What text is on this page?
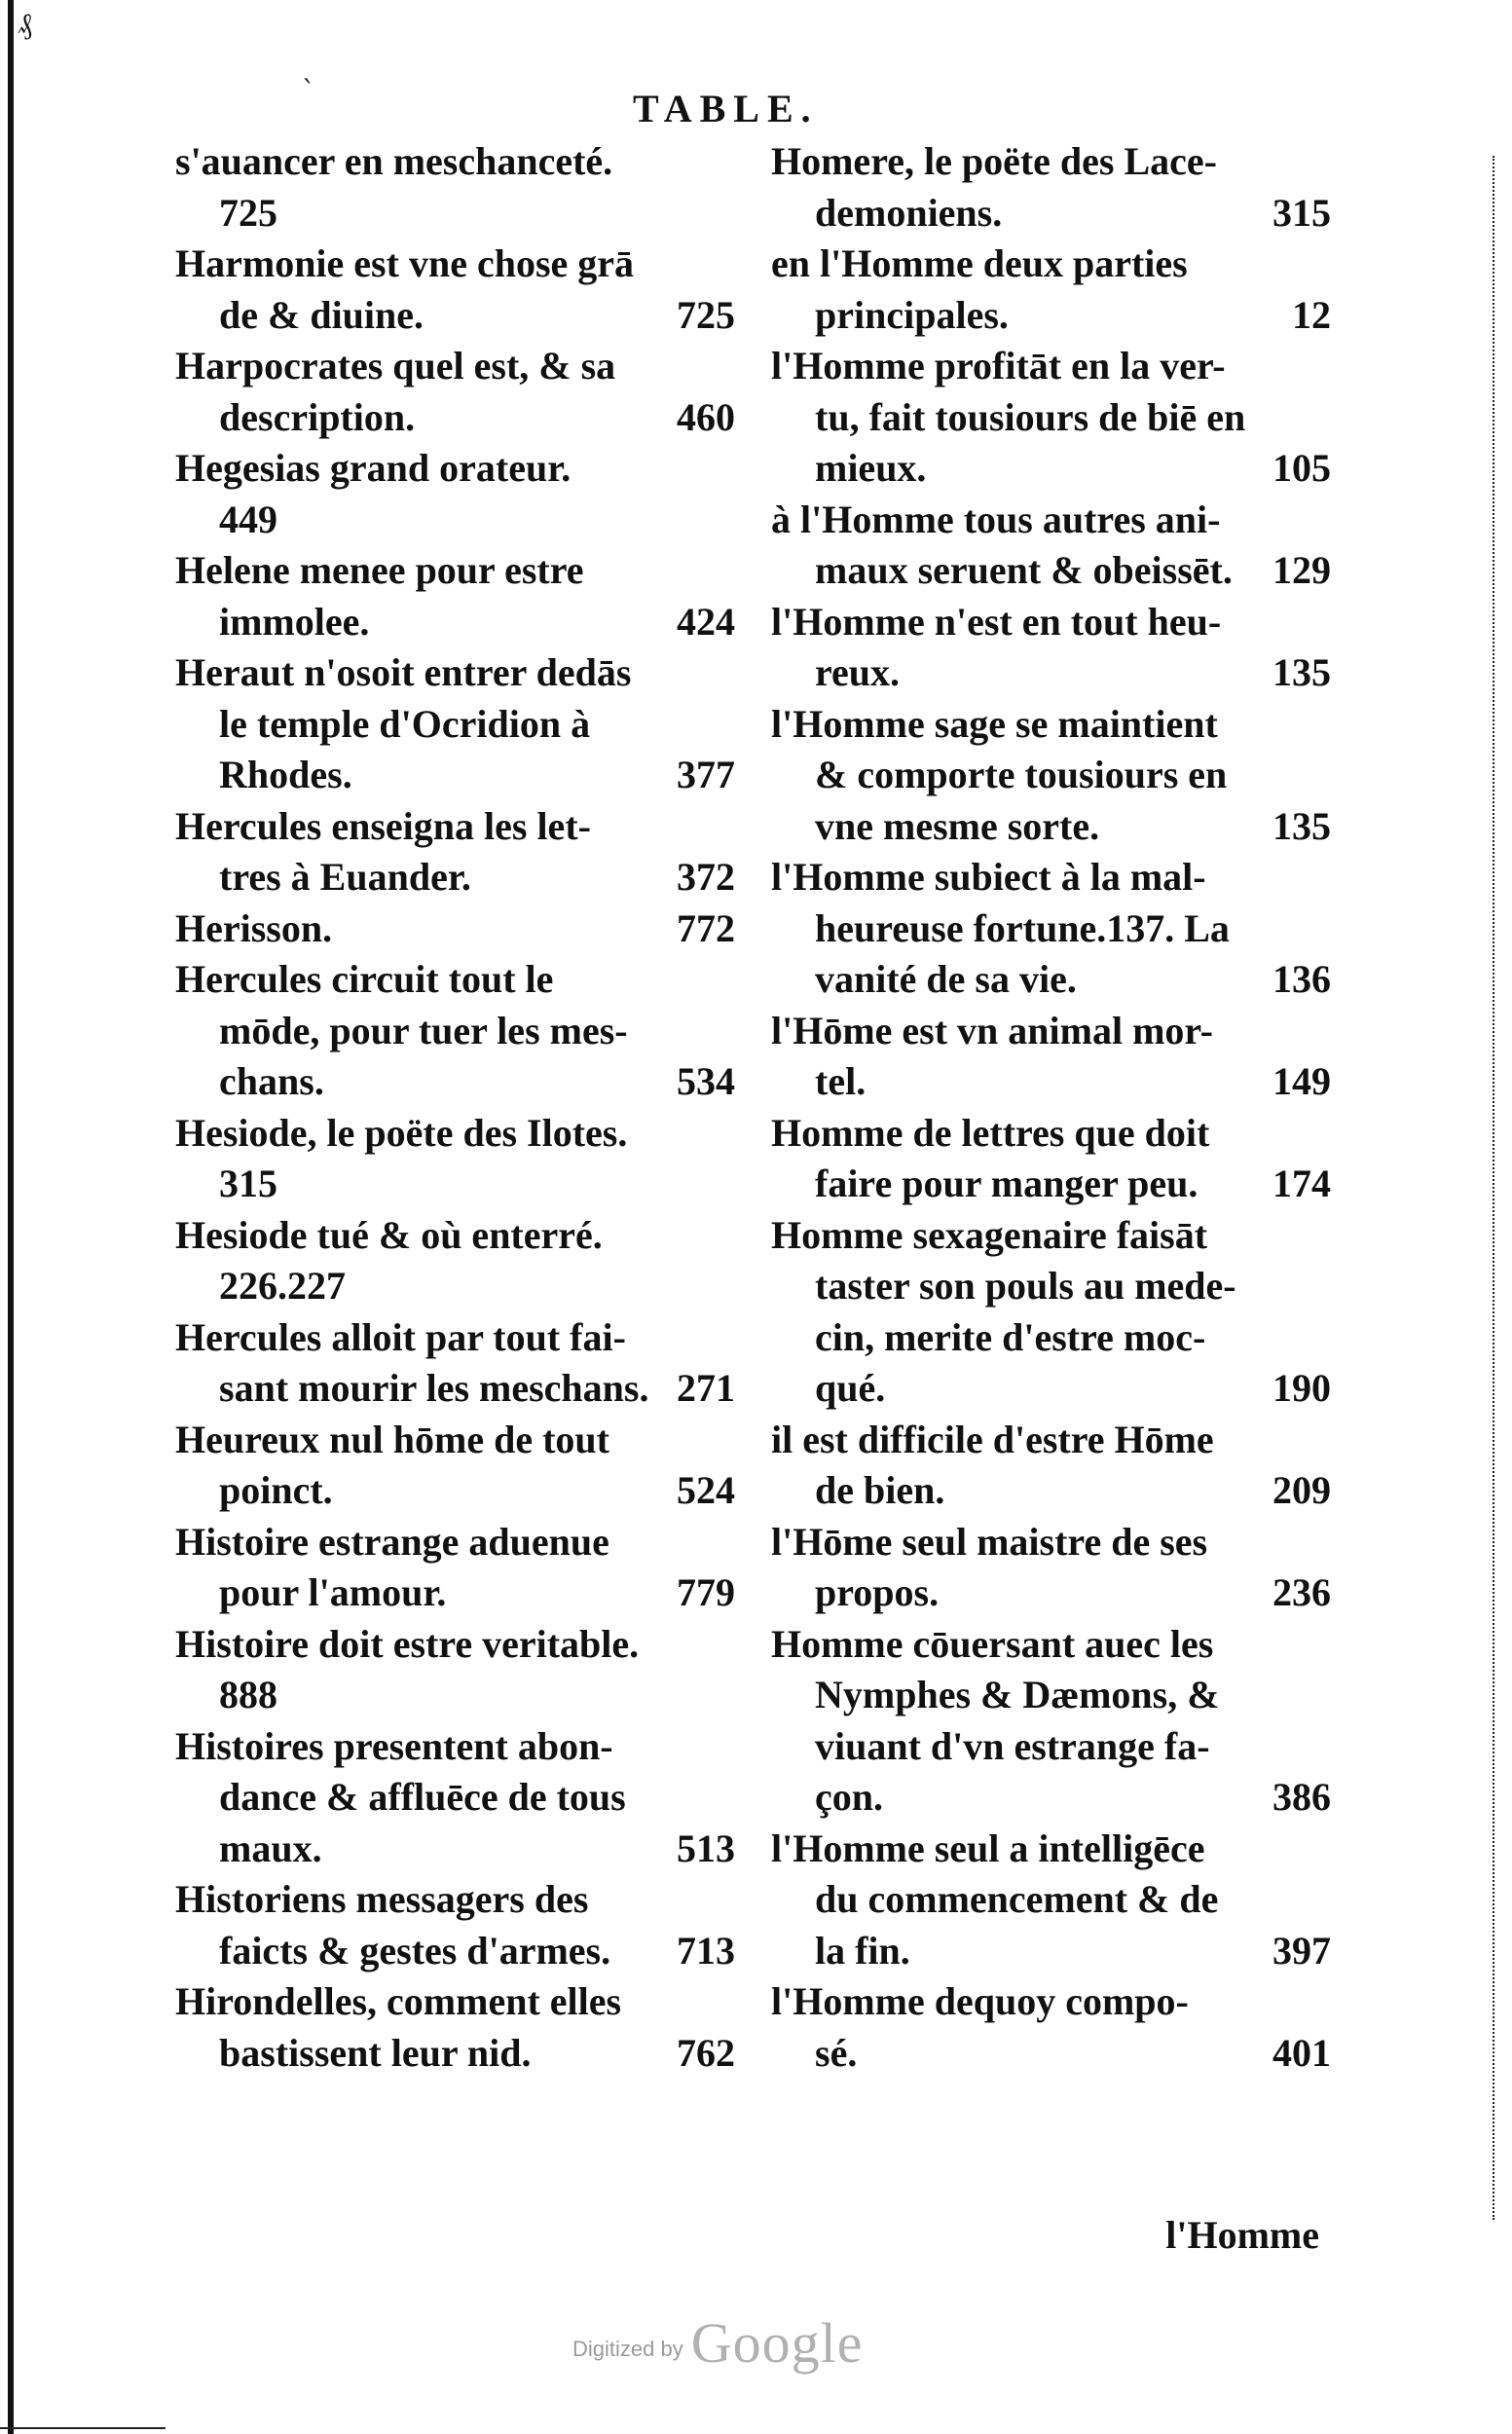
₰
`	TABLE.
s'auancer en meschanceté.
725
Harmonie est vne chose grā
de & diuine.	725
Harpocrates quel est, & sa
description.	460
Hegesias grand orateur.
449
Helene menee pour estre
immolee.	424
Heraut n'osoit entrer dedās
le temple d'Ocridion à
Rhodes.	377
Hercules enseigna les let-
tres à Euander.	372
Herisson.	772
Hercules circuit tout le
mōde, pour tuer les mes-
chans.	534
Hesiode, le poëte des Ilotes.
315
Hesiode tué & où enterré.
226.227
Hercules alloit par tout fai-
sant mourir les meschans. 271
Heureux nul hōme de tout
poinct.	524
Histoire estrange aduenue
pour l'amour.	779
Histoire doit estre veritable.
888
Histoires presentent abon-
dance & affluēce de tous
maux.	513
Historiens messagers des
faicts & gestes d'armes. 713
Hirondelles, comment elles
bastissent leur nid.	762
Homere, le poëte des Lace-
demoniens.	315
en l'Homme deux parties
principales.	12
l'Homme profitāt en la ver-
tu, fait tousiours de biē en
mieux.	105
à l'Homme tous autres ani-
maux seruent & obeissēt. 129
l'Homme n'est en tout heu-
reux.	135
l'Homme sage se maintient
& comporte tousiours en
vne mesme sorte.	135
l'Homme subiect à la mal-
heureuse fortune.137. La
vanité de sa vie.	136
l'Hōme est vn animal mor-
tel.	149
Homme de lettres que doit
faire pour manger peu. 174
Homme sexagenaire faisāt
taster son pouls au mede-
cin, merite d'estre moc-
qué.	190
il est difficile d'estre Hōme
de bien.	209
l'Hōme seul maistre de ses
propos.	236
Homme cōuersant auec les
Nymphes & Dæmons, &
viuant d'vn estrange fa-
çon.	386
l'Homme seul a intelligēce
du commencement & de
la fin.	397
l'Homme dequoy compo-
sé.	401
l'Homme
Digitized by Google
